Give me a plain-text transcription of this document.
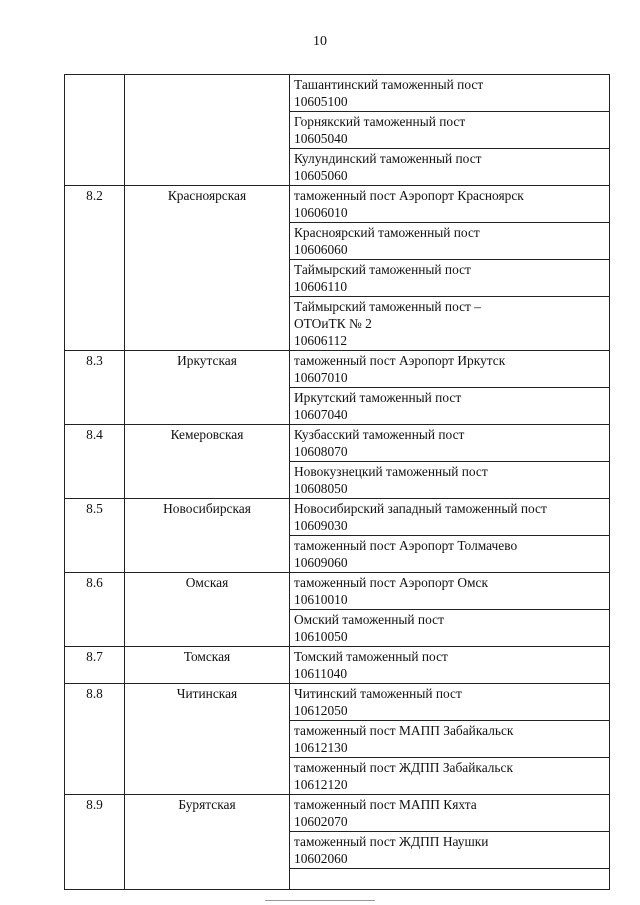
10

		Ташантинский таможенный пост
10605100

		Горнякский таможенный пост
10605040

		Кулундинский таможенный пост
10605060

8.2	Красноярская	таможенный пост Аэропорт Красноярск
10606010

		Красноярский таможенный пост
10606060

		Таймырский таможенный пост
10606110

		Таймырский таможенный пост –
ОТОиТК № 2
10606112

8.3	Иркутская	таможенный пост Аэропорт Иркутск
10607010

		Иркутский таможенный пост
10607040

8.4	Кемеровская	Кузбасский таможенный пост
10608070

		Новокузнецкий таможенный пост
10608050

8.5	Новосибирская	Новосибирский западный таможенный пост
10609030

		таможенный пост Аэропорт Толмачево
10609060

8.6	Омская	таможенный пост Аэропорт Омск
10610010

		Омский таможенный пост
10610050

8.7	Томская	Томский таможенный пост
10611040

8.8	Читинская	Читинский таможенный пост
10612050

		таможенный пост МАПП Забайкальск
10612130

		таможенный пост ЖДПП Забайкальск
10612120

8.9	Бурятская	таможенный пост МАПП Кяхта
10602070

		таможенный пост ЖДПП Наушки
10602060
